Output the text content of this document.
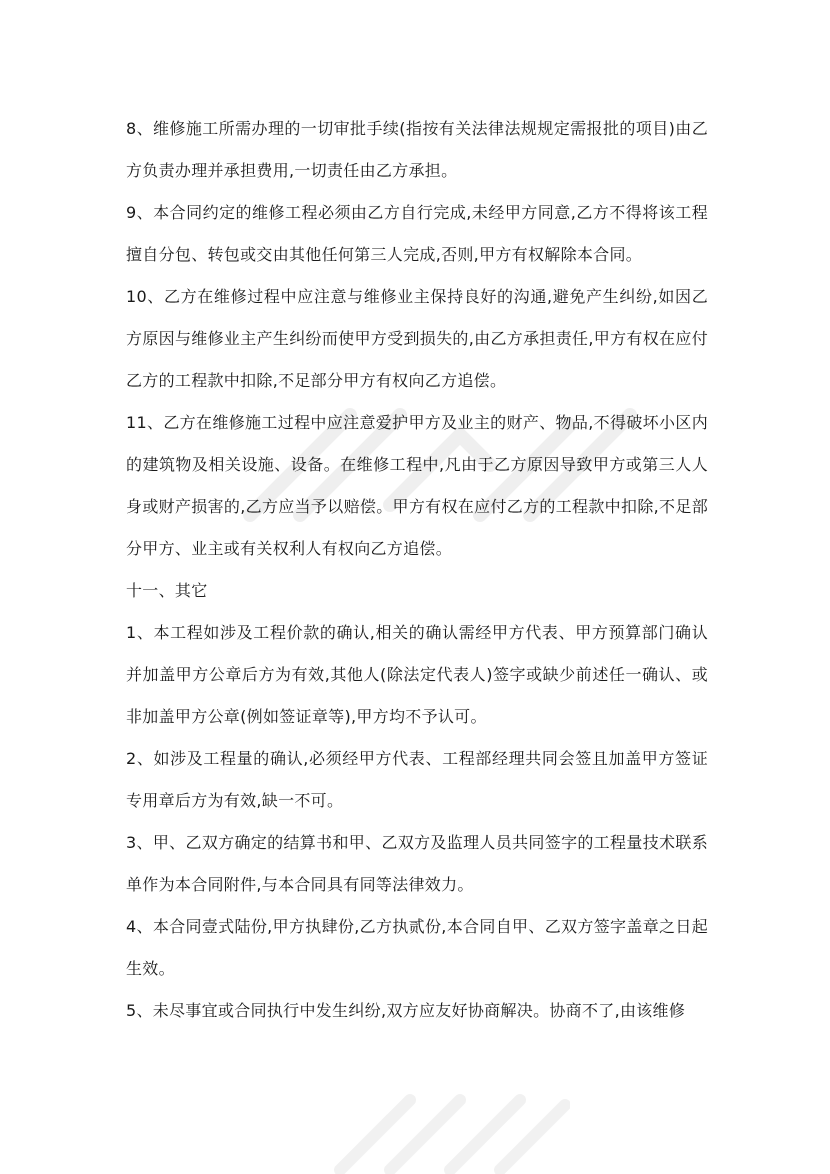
8、维修施工所需办理的一切审批手续(指按有关法律法规规定需报批的项目)由乙方负责办理并承担费用,一切责任由乙方承担。

9、本合同约定的维修工程必须由乙方自行完成,未经甲方同意,乙方不得将该工程擅自分包、转包或交由其他任何第三人完成,否则,甲方有权解除本合同。

10、乙方在维修过程中应注意与维修业主保持良好的沟通,避免产生纠纷,如因乙方原因与维修业主产生纠纷而使甲方受到损失的,由乙方承担责任,甲方有权在应付乙方的工程款中扣除,不足部分甲方有权向乙方追偿。

11、乙方在维修施工过程中应注意爱护甲方及业主的财产、物品,不得破坏小区内的建筑物及相关设施、设备。在维修工程中,凡由于乙方原因导致甲方或第三人人身或财产损害的,乙方应当予以赔偿。甲方有权在应付乙方的工程款中扣除,不足部分甲方、业主或有关权利人有权向乙方追偿。

十一、其它

1、本工程如涉及工程价款的确认,相关的确认需经甲方代表、甲方预算部门确认并加盖甲方公章后方为有效,其他人(除法定代表人)签字或缺少前述任一确认、或非加盖甲方公章(例如签证章等),甲方均不予认可。

2、如涉及工程量的确认,必须经甲方代表、工程部经理共同会签且加盖甲方签证专用章后方为有效,缺一不可。

3、甲、乙双方确定的结算书和甲、乙双方及监理人员共同签字的工程量技术联系单作为本合同附件,与本合同具有同等法律效力。

4、本合同壹式陆份,甲方执肆份,乙方执贰份,本合同自甲、乙双方签字盖章之日起生效。

5、未尽事宜或合同执行中发生纠纷,双方应友好协商解决。协商不了,由该维修
